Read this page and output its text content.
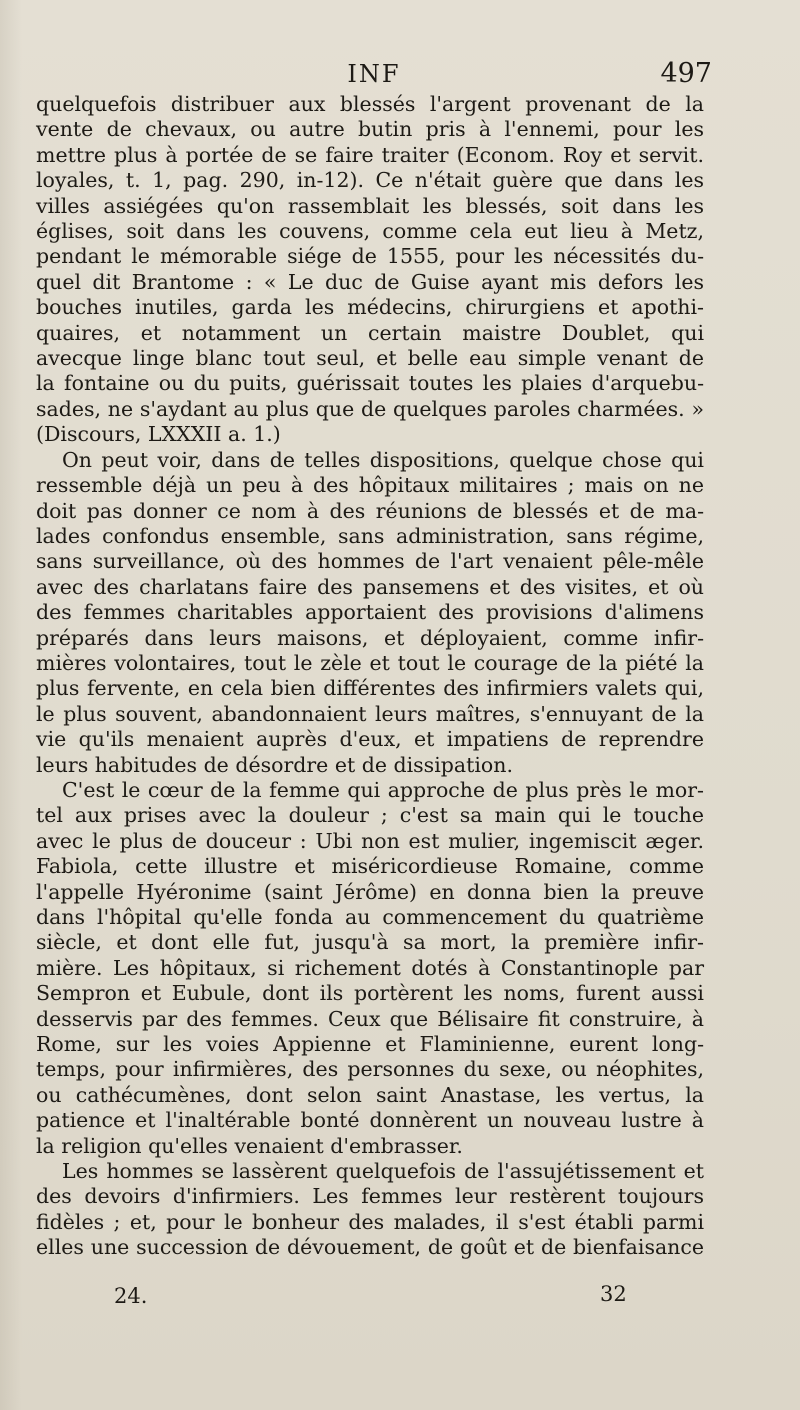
INF	497
quelquefois distribuer aux blessés l'argent provenant de la
vente de chevaux, ou autre butin pris à l'ennemi, pour les
mettre plus à portée de se faire traiter (Econom. Roy et servit.
loyales, t. 1, pag. 290, in-12). Ce n'était guère que dans les
villes assiégées qu'on rassemblait les blessés, soit dans les
églises, soit dans les couvens, comme cela eut lieu à Metz,
pendant le mémorable siége de 1555, pour les nécessités du-
quel dit Brantome : « Le duc de Guise ayant mis defors les
bouches inutiles, garda les médecins, chirurgiens et apothi-
quaires, et notamment un certain maistre Doublet, qui
avecque linge blanc tout seul, et belle eau simple venant de
la fontaine ou du puits, guérissait toutes les plaies d'arquebu-
sades, ne s'aydant au plus que de quelques paroles charmées. »
(Discours, LXXXII a. 1.)
On peut voir, dans de telles dispositions, quelque chose qui
ressemble déjà un peu à des hôpitaux militaires ; mais on ne
doit pas donner ce nom à des réunions de blessés et de ma-
lades confondus ensemble, sans administration, sans régime,
sans surveillance, où des hommes de l'art venaient pêle-mêle
avec des charlatans faire des pansemens et des visites, et où
des femmes charitables apportaient des provisions d'alimens
préparés dans leurs maisons, et déployaient, comme infir-
mières volontaires, tout le zèle et tout le courage de la piété la
plus fervente, en cela bien différentes des infirmiers valets qui,
le plus souvent, abandonnaient leurs maîtres, s'ennuyant de la
vie qu'ils menaient auprès d'eux, et impatiens de reprendre
leurs habitudes de désordre et de dissipation.
C'est le cœur de la femme qui approche de plus près le mor-
tel aux prises avec la douleur ; c'est sa main qui le touche
avec le plus de douceur : Ubi non est mulier, ingemiscit æger.
Fabiola, cette illustre et miséricordieuse Romaine, comme
l'appelle Hyéronime (saint Jérôme) en donna bien la preuve
dans l'hôpital qu'elle fonda au commencement du quatrième
siècle, et dont elle fut, jusqu'à sa mort, la première infir-
mière. Les hôpitaux, si richement dotés à Constantinople par
Sempron et Eubule, dont ils portèrent les noms, furent aussi
desservis par des femmes. Ceux que Bélisaire fit construire, à
Rome, sur les voies Appienne et Flaminienne, eurent long-
temps, pour infirmières, des personnes du sexe, ou néophites,
ou cathécumènes, dont selon saint Anastase, les vertus, la
patience et l'inaltérable bonté donnèrent un nouveau lustre à
la religion qu'elles venaient d'embrasser.
Les hommes se lassèrent quelquefois de l'assujétissement et
des devoirs d'infirmiers. Les femmes leur restèrent toujours
fidèles ; et, pour le bonheur des malades, il s'est établi parmi
elles une succession de dévouement, de goût et de bienfaisance
24.	32
